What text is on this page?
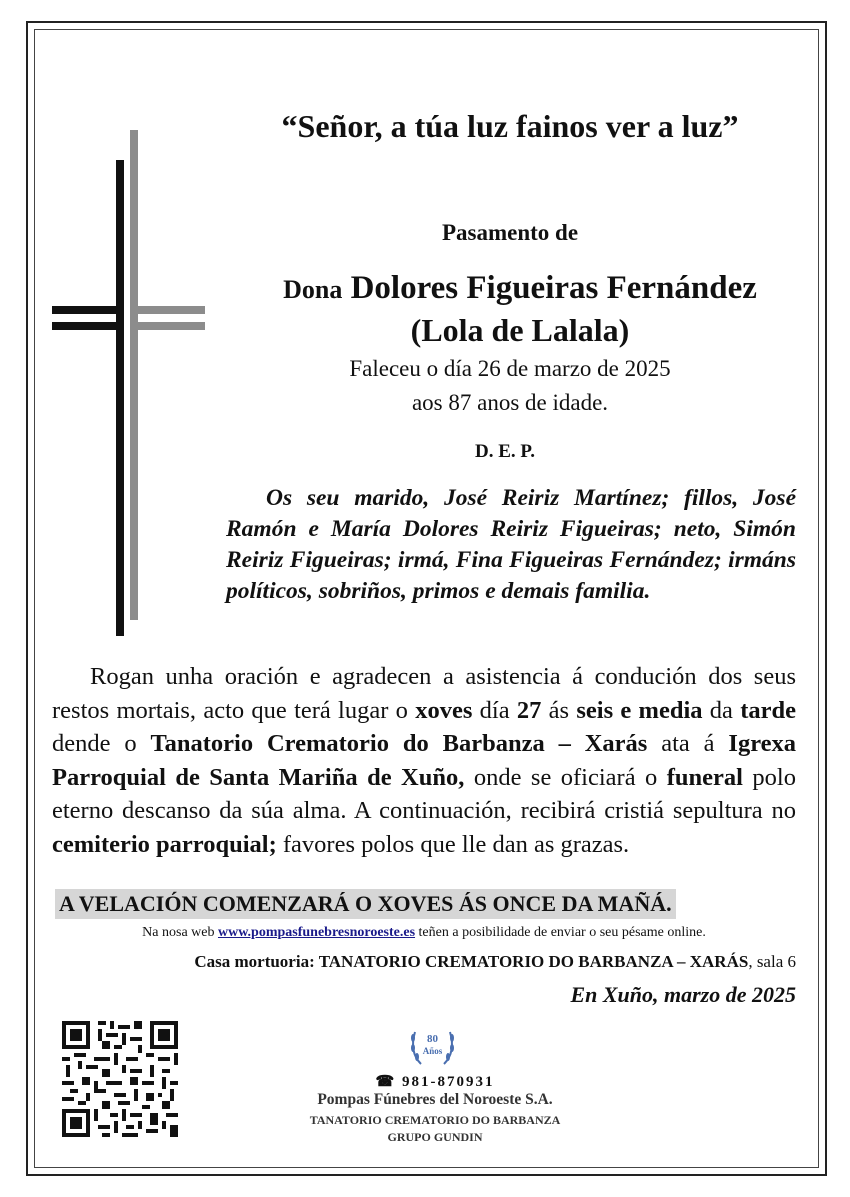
“Señor, a túa luz fainos ver a luz”
Pasamento de
Dona Dolores Figueiras Fernández
(Lola de Lalala)
Faleceu o día 26 de marzo de 2025
aos 87 anos de idade.
D. E. P.
Os seu marido, José Reiriz Martínez; fillos, José Ramón e María Dolores Reiriz Figueiras; neto, Simón Reiriz Figueiras; irmá, Fina Figueiras Fernández; irmáns políticos, sobriños, primos e demais familia.
Rogan unha oración e agradecen a asistencia á condución dos seus restos mortais, acto que terá lugar o xoves día 27 ás seis e media da tarde dende o Tanatorio Crematorio do Barbanza – Xarás ata á Igrexa Parroquial de Santa Mariña de Xuño, onde se oficiará o funeral polo eterno descanso da súa alma. A continuación, recibirá cristiá sepultura no cemiterio parroquial; favores polos que lle dan as grazas.
A VELACIÓN COMENZARÁ O XOVES ÁS ONCE DA MAÑÁ.
Na nosa web www.pompasfunebresnoroeste.es teñen a posibilidade de enviar o seu pésame online.
Casa mortuoria: TANATORIO CREMATORIO DO BARBANZA – XARÁS, sala 6
En Xuño, marzo de 2025
80
Años
☎ 981-870931
Pompas Fúnebres del Noroeste S.A.
TANATORIO CREMATORIO DO BARBANZA
GRUPO GUNDIN
